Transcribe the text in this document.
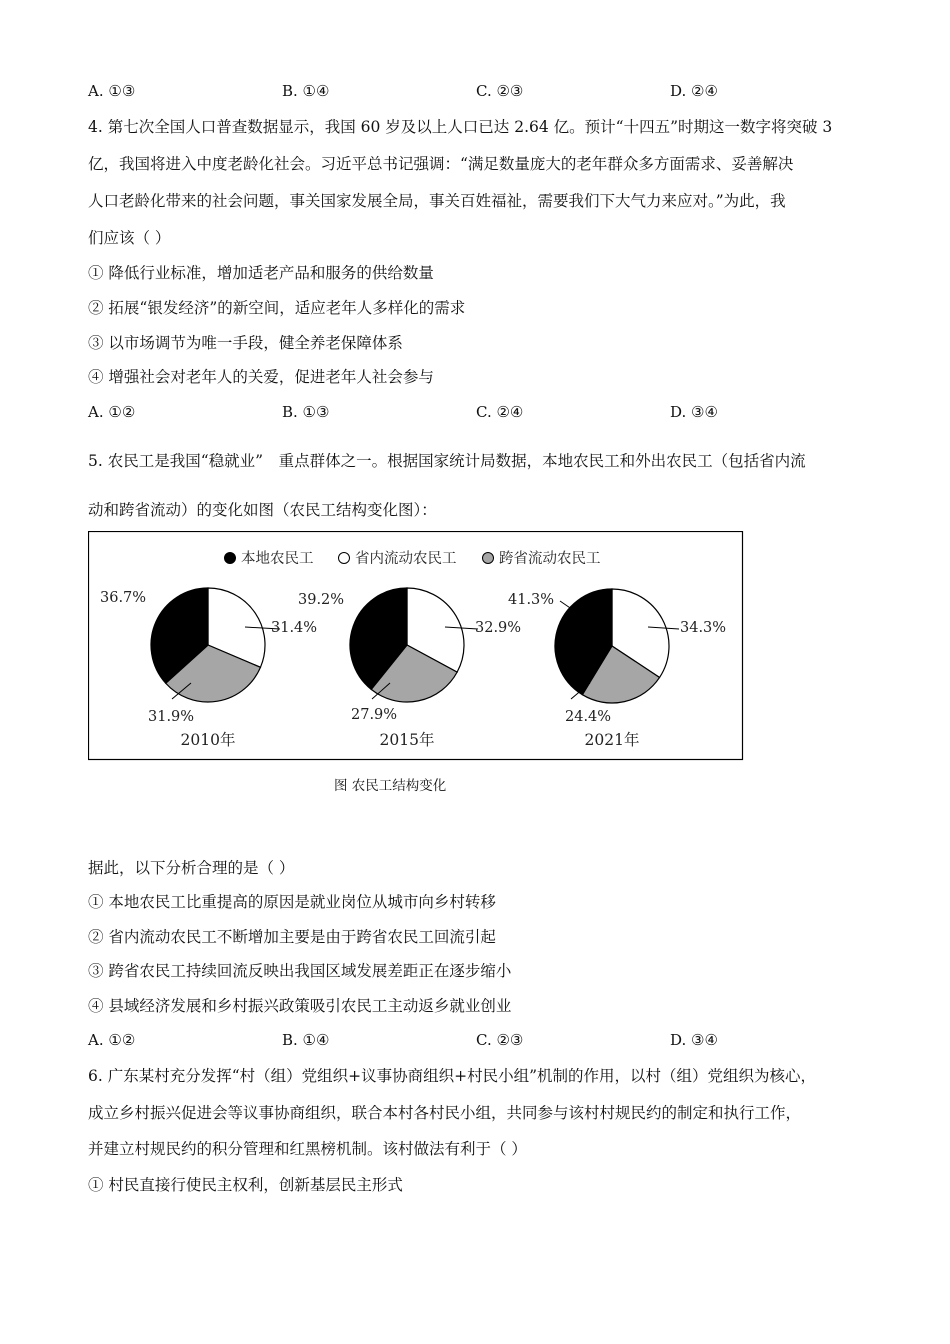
A. ①③	B. ①④	C. ②③	D. ②④
4. 第七次全国人口普查数据显示，我国 60 岁及以上人口已达 2.64 亿。预计“十四五”时期这一数字将突破 3
亿，我国将进入中度老龄化社会。习近平总书记强调：“满足数量庞大的老年群众多方面需求、妥善解决
人口老龄化带来的社会问题，事关国家发展全局，事关百姓福祉，需要我们下大气力来应对。”为此，我
们应该（ ）
① 降低行业标准，增加适老产品和服务的供给数量
② 拓展“银发经济”的新空间，适应老年人多样化的需求
③ 以市场调节为唯一手段，健全养老保障体系
④ 增强社会对老年人的关爱，促进老年人社会参与
A. ①②	B. ①③	C. ②④	D. ③④
5. 农民工是我国“稳就业”　重点群体之一。根据国家统计局数据，本地农民工和外出农民工（包括省内流
动和跨省流动）的变化如图（农民工结构变化图）：
本地农民工	省内流动农民工	跨省流动农民工
36.7%
31.4%
31.9%
2010年
39.2%
32.9%
27.9%
2015年
41.3%
34.3%
24.4%
2021年
图 农民工结构变化
据此，以下分析合理的是（ ）
① 本地农民工比重提高的原因是就业岗位从城市向乡村转移
② 省内流动农民工不断增加主要是由于跨省农民工回流引起
③ 跨省农民工持续回流反映出我国区域发展差距正在逐步缩小
④ 县域经济发展和乡村振兴政策吸引农民工主动返乡就业创业
A. ①②	B. ①④	C. ②③	D. ③④
6. 广东某村充分发挥“村（组）党组织+议事协商组织+村民小组”机制的作用，以村（组）党组织为核心，
成立乡村振兴促进会等议事协商组织，联合本村各村民小组，共同参与该村村规民约的制定和执行工作，
并建立村规民约的积分管理和红黑榜机制。该村做法有利于（ ）
① 村民直接行使民主权利，创新基层民主形式
